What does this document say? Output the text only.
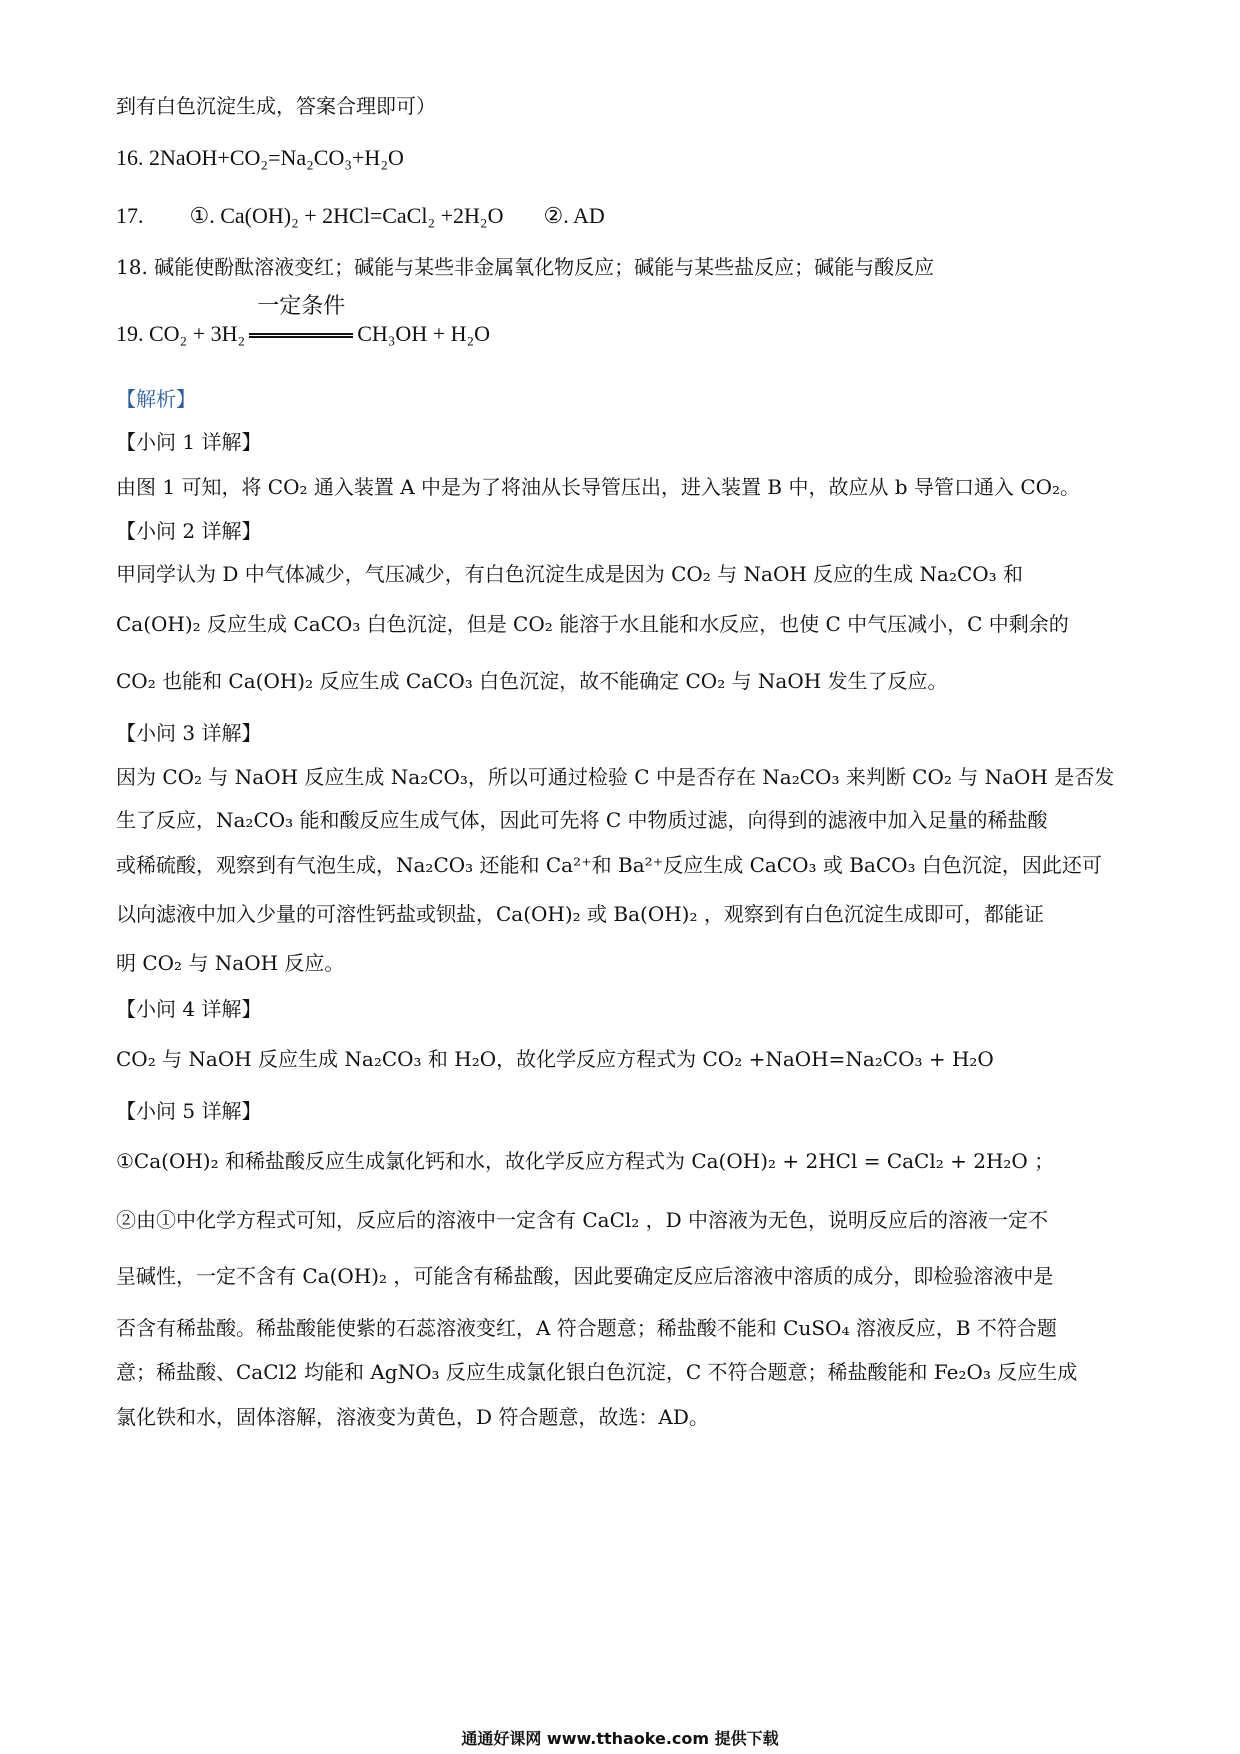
到有白色沉淀生成，答案合理即可）
16. 2NaOH+CO₂=Na₂CO₃+H₂O
17. ①. Ca(OH)₂ + 2HCl=CaCl₂ +2H₂O ②. AD
18. 碱能使酚酞溶液变红；碱能与某些非金属氧化物反应；碱能与某些盐反应；碱能与酸反应
19. CO₂ + 3H₂
一定条件
CH₃OH + H₂O
【解析】
【小问 1 详解】
由图 1 可知，将 CO₂ 通入装置 A 中是为了将油从长导管压出，进入装置 B 中，故应从 b 导管口通入 CO₂。
【小问 2 详解】
甲同学认为 D 中气体减少，气压减少，有白色沉淀生成是因为 CO₂ 与 NaOH 反应的生成 Na₂CO₃ 和
Ca(OH)₂ 反应生成 CaCO₃ 白色沉淀，但是 CO₂ 能溶于水且能和水反应，也使 C 中气压减小，C 中剩余的
CO₂ 也能和 Ca(OH)₂ 反应生成 CaCO₃ 白色沉淀，故不能确定 CO₂ 与 NaOH 发生了反应。
【小问 3 详解】
因为 CO₂ 与 NaOH 反应生成 Na₂CO₃，所以可通过检验 C 中是否存在 Na₂CO₃ 来判断 CO₂ 与 NaOH 是否发
生了反应，Na₂CO₃ 能和酸反应生成气体，因此可先将 C 中物质过滤，向得到的滤液中加入足量的稀盐酸
或稀硫酸，观察到有气泡生成，Na₂CO₃ 还能和 Ca²⁺和 Ba²⁺反应生成 CaCO₃ 或 BaCO₃ 白色沉淀，因此还可
以向滤液中加入少量的可溶性钙盐或钡盐，Ca(OH)₂ 或 Ba(OH)₂ ，观察到有白色沉淀生成即可，都能证
明 CO₂ 与 NaOH 反应。
【小问 4 详解】
CO₂ 与 NaOH 反应生成 Na₂CO₃ 和 H₂O，故化学反应方程式为 CO₂ +NaOH=Na₂CO₃ + H₂O
【小问 5 详解】
①Ca(OH)₂ 和稀盐酸反应生成氯化钙和水，故化学反应方程式为 Ca(OH)₂ + 2HCl = CaCl₂ + 2H₂O ；
②由①中化学方程式可知，反应后的溶液中一定含有 CaCl₂ ，D 中溶液为无色，说明反应后的溶液一定不
呈碱性，一定不含有 Ca(OH)₂ ，可能含有稀盐酸，因此要确定反应后溶液中溶质的成分，即检验溶液中是
否含有稀盐酸。稀盐酸能使紫的石蕊溶液变红，A 符合题意；稀盐酸不能和 CuSO₄ 溶液反应，B 不符合题
意；稀盐酸、CaCl2 均能和 AgNO₃ 反应生成氯化银白色沉淀，C 不符合题意；稀盐酸能和 Fe₂O₃ 反应生成
氯化铁和水，固体溶解，溶液变为黄色，D 符合题意，故选：AD。
通通好课网 www.tthaoke.com 提供下载
